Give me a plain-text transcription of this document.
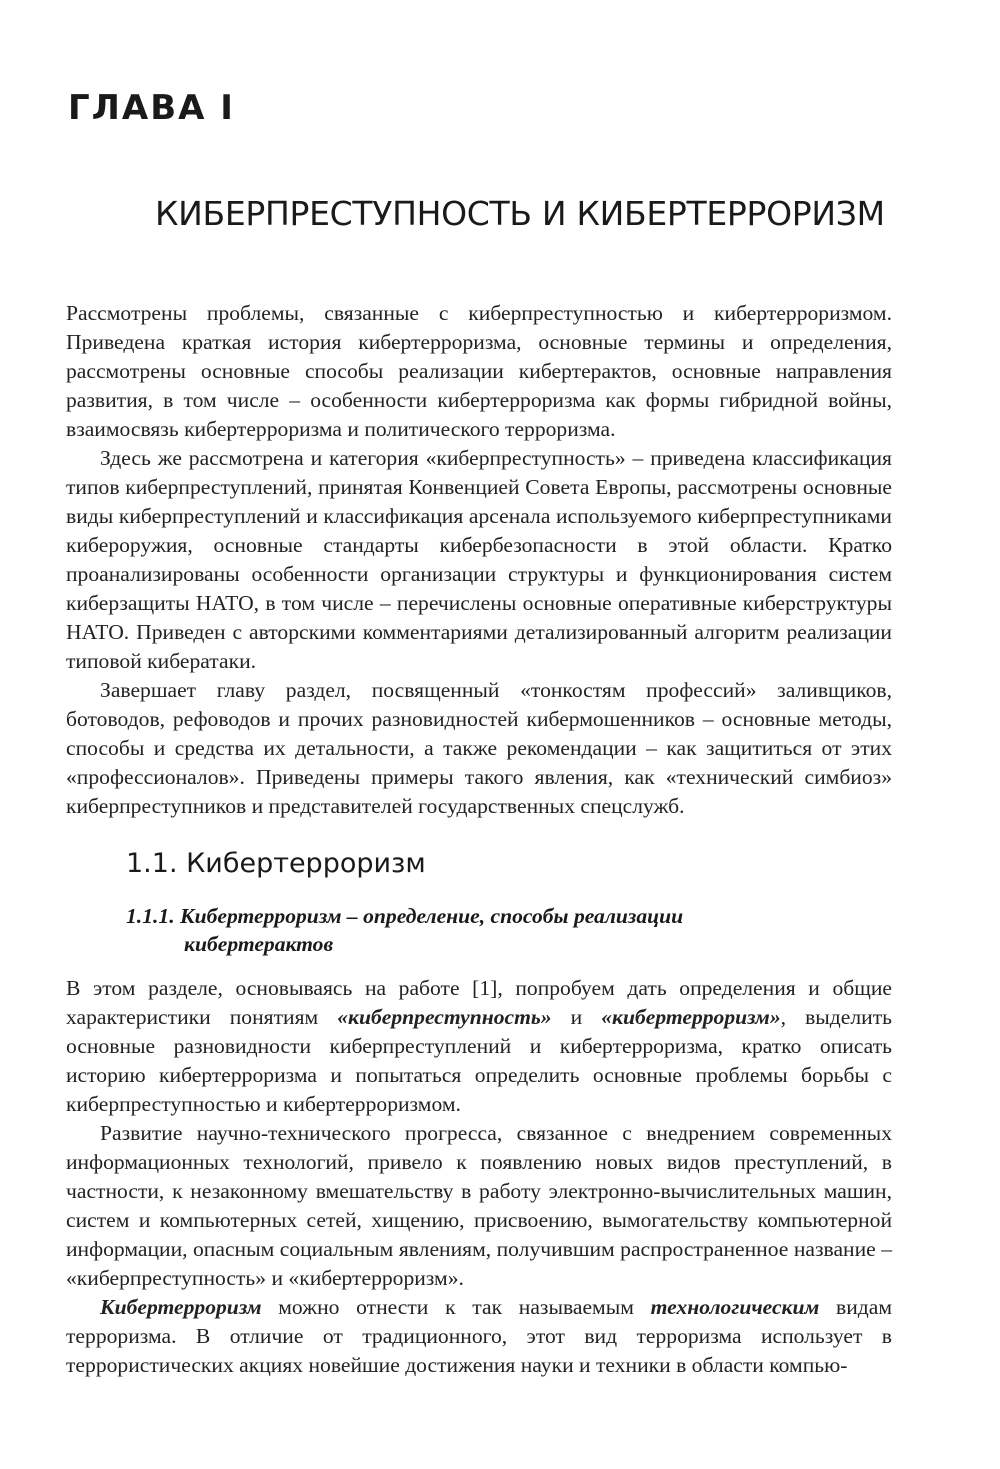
ГЛАВА I
КИБЕРПРЕСТУПНОСТЬ И КИБЕРТЕРРОРИЗМ

Рассмотрены проблемы, связанные с киберпреступностью и кибертерроризмом. Приведена краткая история кибертерроризма, основные термины и определения, рассмотрены основные способы реализации кибертерактов, основные направления развития, в том числе – особенности кибертерроризма как формы гибридной войны, взаимосвязь кибертерроризма и политического терроризма.

Здесь же рассмотрена и категория «киберпреступность» – приведена классификация типов киберпреступлений, принятая Конвенцией Совета Европы, рассмотрены основные виды киберпреступлений и классификация арсенала используемого киберпреступниками кибероружия, основные стандарты кибербезопасности в этой области. Кратко проанализированы особенности организации структуры и функционирования систем киберзащиты НАТО, в том числе – перечислены основные оперативные киберструктуры НАТО. Приведен с авторскими комментариями детализированный алгоритм реализации типовой кибератаки.

Завершает главу раздел, посвященный «тонкостям профессий» заливщиков, ботоводов, рефоводов и прочих разновидностей кибермошенников – основные методы, способы и средства их детальности, а также рекомендации – как защититься от этих «профессионалов». Приведены примеры такого явления, как «технический симбиоз» киберпреступников и представителей государственных спецслужб.

1.1. Кибертерроризм
1.1.1. Кибертерроризм – определение, способы реализации
кибертерактов

В этом разделе, основываясь на работе [1], попробуем дать определения и общие характеристики понятиям «киберпреступность» и «кибертерроризм», выделить основные разновидности киберпреступлений и кибертерроризма, кратко описать историю кибертерроризма и попытаться определить основные проблемы борьбы с киберпреступностью и кибертерроризмом.

Развитие научно-технического прогресса, связанное с внедрением современных информационных технологий, привело к появлению новых видов преступлений, в частности, к незаконному вмешательству в работу электронно-вычислительных машин, систем и компьютерных сетей, хищению, присвоению, вымогательству компьютерной информации, опасным социальным явлениям, получившим распространенное название – «киберпреступность» и «кибертерроризм».

Кибертерроризм можно отнести к так называемым технологическим видам терроризма. В отличие от традиционного, этот вид терроризма использует в террористических акциях новейшие достижения науки и техники в области компью-
